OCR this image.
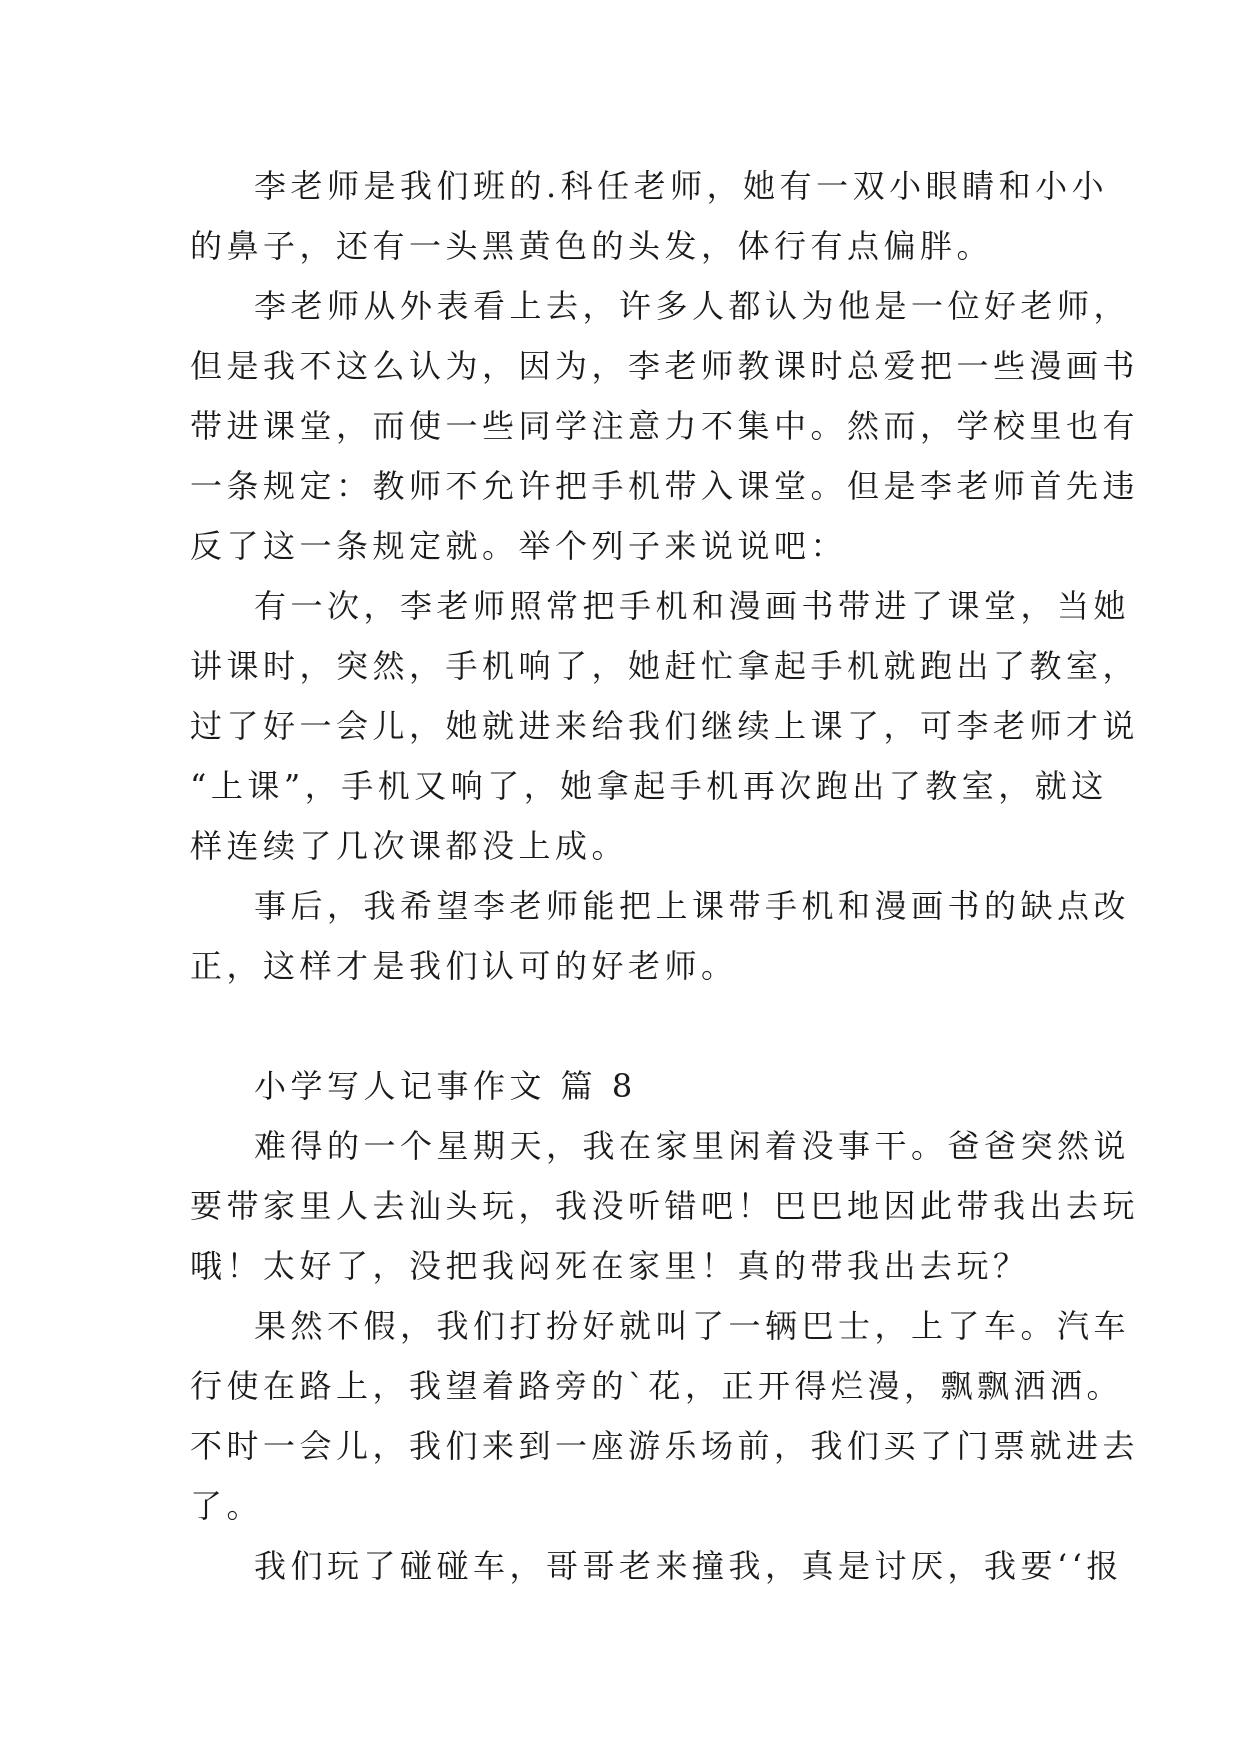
李老师是我们班的.科任老师，她有一双小眼睛和小小

的鼻子，还有一头黑黄色的头发，体行有点偏胖。

李老师从外表看上去，许多人都认为他是一位好老师，

但是我不这么认为，因为，李老师教课时总爱把一些漫画书

带进课堂，而使一些同学注意力不集中。然而，学校里也有

一条规定：教师不允许把手机带入课堂。但是李老师首先违

反了这一条规定就。举个列子来说说吧：

有一次，李老师照常把手机和漫画书带进了课堂，当她

讲课时，突然，手机响了，她赶忙拿起手机就跑出了教室，

过了好一会儿，她就进来给我们继续上课了，可李老师才说

“上课”，手机又响了，她拿起手机再次跑出了教室，就这

样连续了几次课都没上成。

事后，我希望李老师能把上课带手机和漫画书的缺点改

正，这样才是我们认可的好老师。

小学写人记事作文 篇 8

难得的一个星期天，我在家里闲着没事干。爸爸突然说

要带家里人去汕头玩，我没听错吧！巴巴地因此带我出去玩

哦！太好了，没把我闷死在家里！真的带我出去玩？

果然不假，我们打扮好就叫了一辆巴士，上了车。汽车

行使在路上，我望着路旁的`花，正开得烂漫，飘飘洒洒。

不时一会儿，我们来到一座游乐场前，我们买了门票就进去

了。

我们玩了碰碰车，哥哥老来撞我，真是讨厌，我要‘‘报
